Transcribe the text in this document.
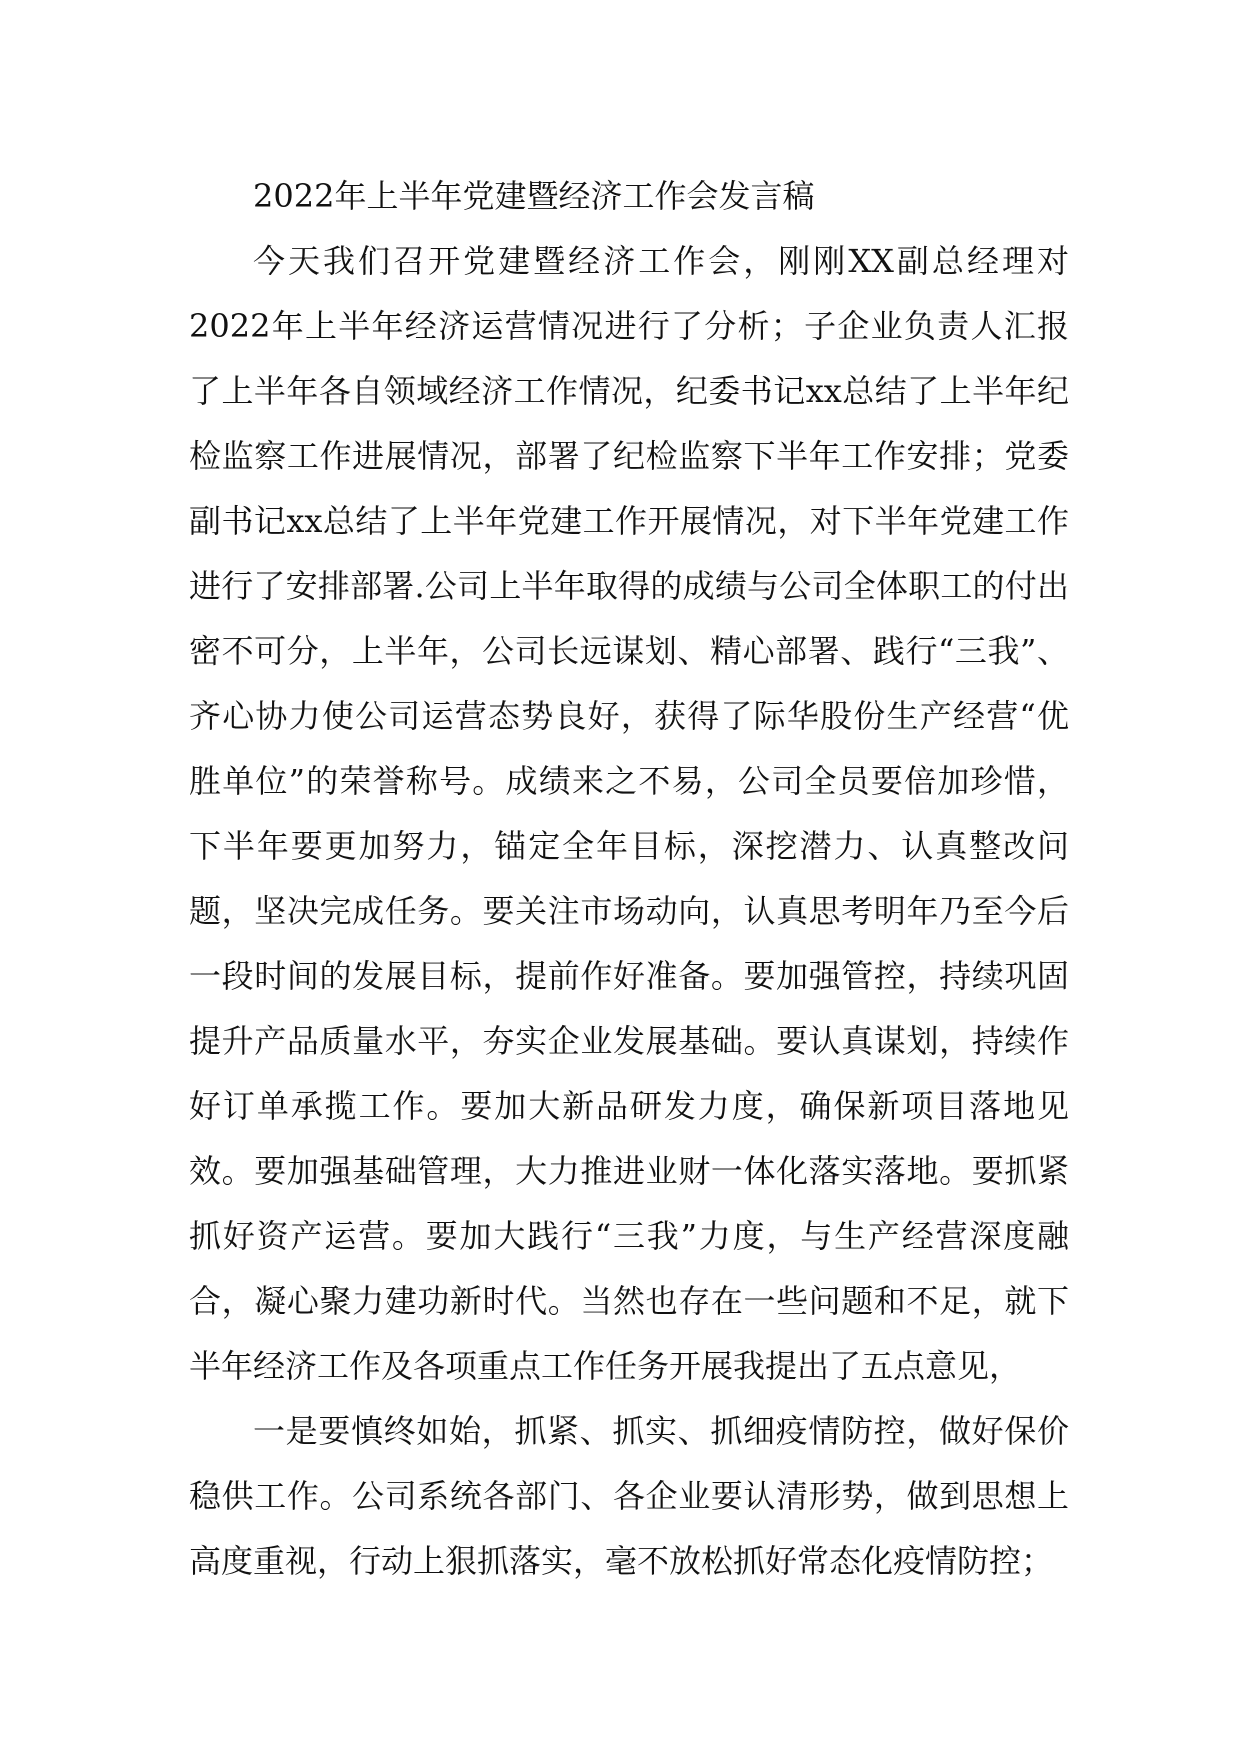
2022年上半年党建暨经济工作会发言稿

今天我们召开党建暨经济工作会，刚刚XX副总经理对2022年上半年经济运营情况进行了分析；子企业负责人汇报了上半年各自领域经济工作情况，纪委书记xx总结了上半年纪检监察工作进展情况，部署了纪检监察下半年工作安排；党委副书记xx总结了上半年党建工作开展情况，对下半年党建工作进行了安排部署.公司上半年取得的成绩与公司全体职工的付出密不可分，上半年，公司长远谋划、精心部署、践行“三我”、齐心协力使公司运营态势良好，获得了际华股份生产经营“优胜单位”的荣誉称号。成绩来之不易，公司全员要倍加珍惜，下半年要更加努力，锚定全年目标，深挖潜力、认真整改问题，坚决完成任务。要关注市场动向，认真思考明年乃至今后一段时间的发展目标，提前作好准备。要加强管控，持续巩固提升产品质量水平，夯实企业发展基础。要认真谋划，持续作好订单承揽工作。要加大新品研发力度，确保新项目落地见效。要加强基础管理，大力推进业财一体化落实落地。要抓紧抓好资产运营。要加大践行“三我”力度，与生产经营深度融合，凝心聚力建功新时代。当然也存在一些问题和不足，就下半年经济工作及各项重点工作任务开展我提出了五点意见，

一是要慎终如始，抓紧、抓实、抓细疫情防控，做好保价稳供工作。公司系统各部门、各企业要认清形势，做到思想上高度重视，行动上狠抓落实，毫不放松抓好常态化疫情防控；
